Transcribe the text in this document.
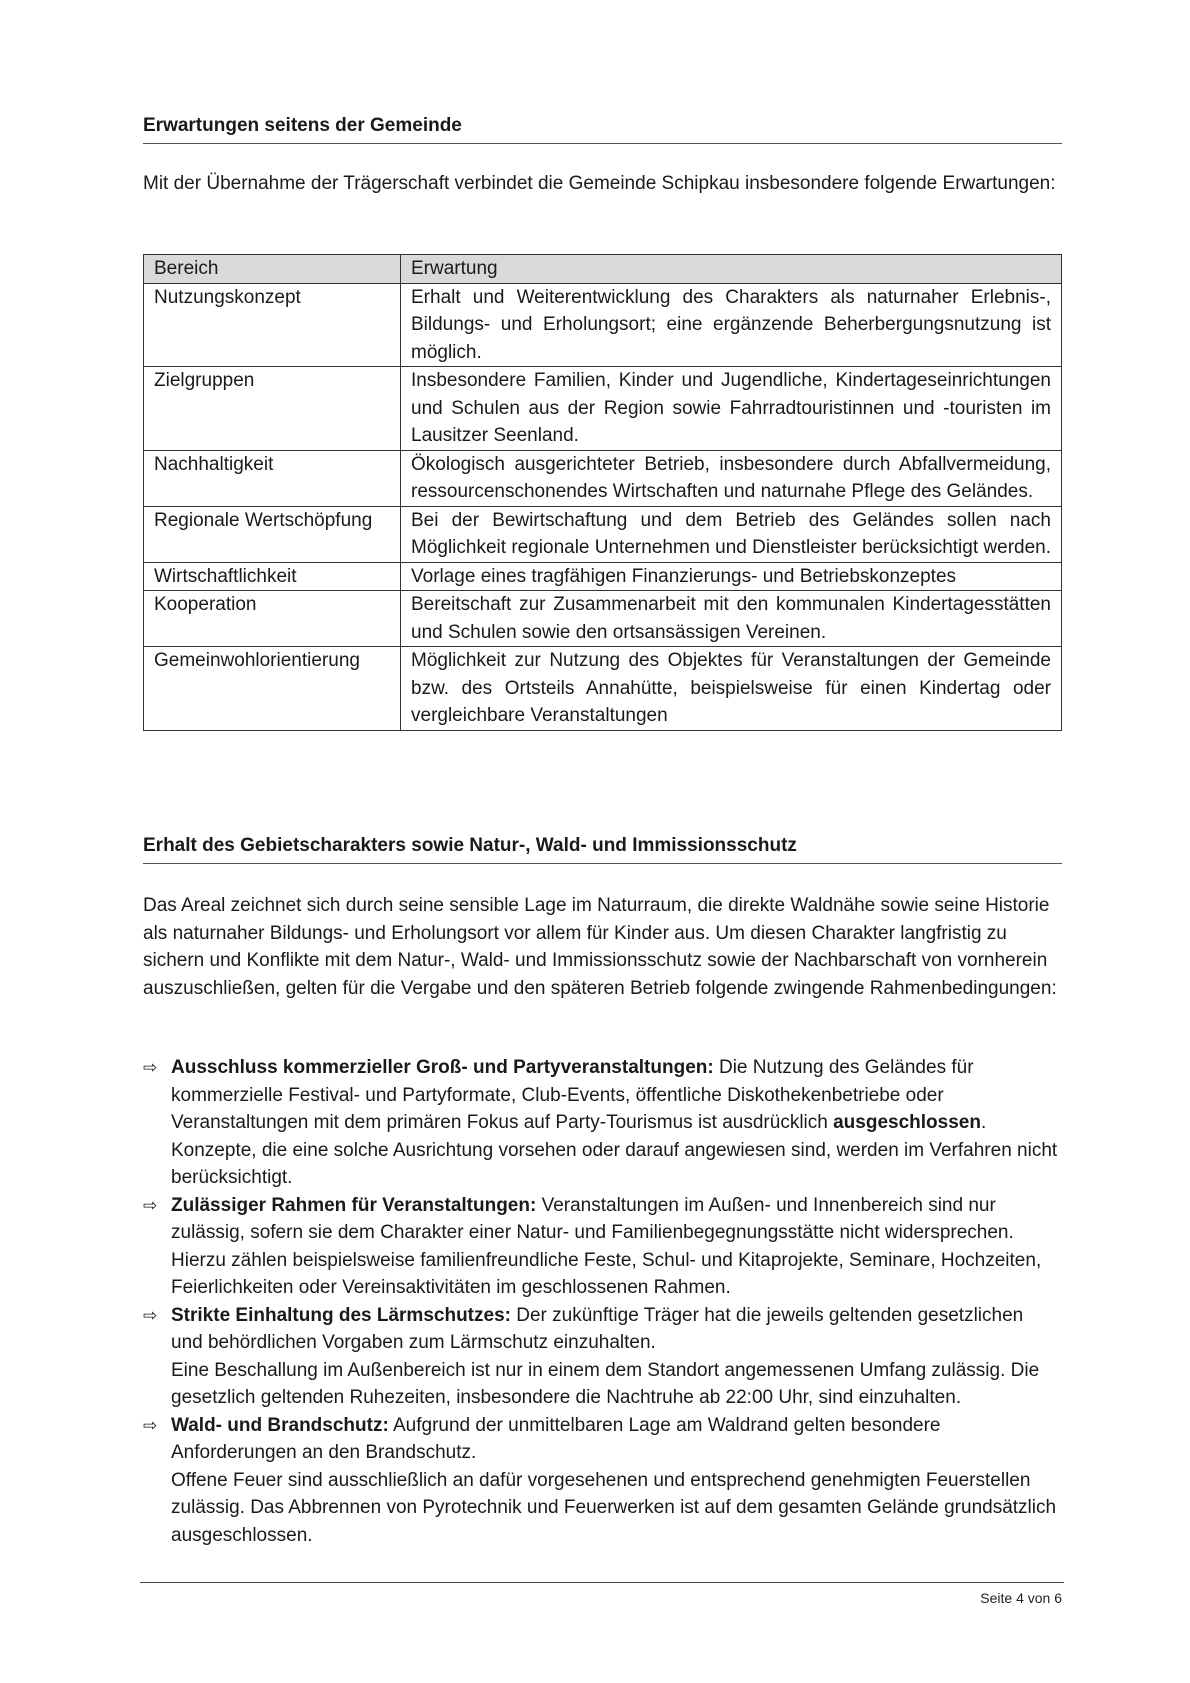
Erwartungen seitens der Gemeinde
Mit der Übernahme der Trägerschaft verbindet die Gemeinde Schipkau insbesondere folgende Erwartungen:
Bereich	Erwartung
Nutzungskonzept	Erhalt und Weiterentwicklung des Charakters als naturnaher Erlebnis-, Bildungs- und Erholungsort; eine ergänzende Beherbergungsnutzung ist möglich.
Zielgruppen	Insbesondere Familien, Kinder und Jugendliche, Kindertageseinrichtungen und Schulen aus der Region sowie Fahrradtouristinnen und -touristen im Lausitzer Seenland.
Nachhaltigkeit	Ökologisch ausgerichteter Betrieb, insbesondere durch Abfallvermeidung, ressourcenschonendes Wirtschaften und naturnahe Pflege des Geländes.
Regionale Wertschöpfung	Bei der Bewirtschaftung und dem Betrieb des Geländes sollen nach Möglichkeit regionale Unternehmen und Dienstleister berücksichtigt werden.
Wirtschaftlichkeit	Vorlage eines tragfähigen Finanzierungs- und Betriebskonzeptes
Kooperation	Bereitschaft zur Zusammenarbeit mit den kommunalen Kindertagesstätten und Schulen sowie den ortsansässigen Vereinen.
Gemeinwohlorientierung	Möglichkeit zur Nutzung des Objektes für Veranstaltungen der Gemeinde bzw. des Ortsteils Annahütte, beispielsweise für einen Kindertag oder vergleichbare Veranstaltungen
Erhalt des Gebietscharakters sowie Natur-, Wald- und Immissionsschutz
Das Areal zeichnet sich durch seine sensible Lage im Naturraum, die direkte Waldnähe sowie seine Historie als naturnaher Bildungs- und Erholungsort vor allem für Kinder aus. Um diesen Charakter langfristig zu sichern und Konflikte mit dem Natur-, Wald- und Immissionsschutz sowie der Nachbarschaft von vornherein auszuschließen, gelten für die Vergabe und den späteren Betrieb folgende zwingende Rahmenbedingungen:
⇨ Ausschluss kommerzieller Groß- und Partyveranstaltungen: Die Nutzung des Geländes für kommerzielle Festival- und Partyformate, Club-Events, öffentliche Diskothekenbetriebe oder Veranstaltungen mit dem primären Fokus auf Party-Tourismus ist ausdrücklich ausgeschlossen. Konzepte, die eine solche Ausrichtung vorsehen oder darauf angewiesen sind, werden im Verfahren nicht berücksichtigt.

⇨ Zulässiger Rahmen für Veranstaltungen: Veranstaltungen im Außen- und Innenbereich sind nur zulässig, sofern sie dem Charakter einer Natur- und Familienbegegnungsstätte nicht widersprechen. Hierzu zählen beispielsweise familienfreundliche Feste, Schul- und Kitaprojekte, Seminare, Hochzeiten, Feierlichkeiten oder Vereinsaktivitäten im geschlossenen Rahmen.

⇨ Strikte Einhaltung des Lärmschutzes: Der zukünftige Träger hat die jeweils geltenden gesetzlichen und behördlichen Vorgaben zum Lärmschutz einzuhalten.

Eine Beschallung im Außenbereich ist nur in einem dem Standort angemessenen Umfang zulässig. Die gesetzlich geltenden Ruhezeiten, insbesondere die Nachtruhe ab 22:00 Uhr, sind einzuhalten.

⇨ Wald- und Brandschutz: Aufgrund der unmittelbaren Lage am Waldrand gelten besondere Anforderungen an den Brandschutz.

Offene Feuer sind ausschließlich an dafür vorgesehenen und entsprechend genehmigten Feuerstellen zulässig. Das Abbrennen von Pyrotechnik und Feuerwerken ist auf dem gesamten Gelände grundsätzlich ausgeschlossen.

Seite 4 von 6
